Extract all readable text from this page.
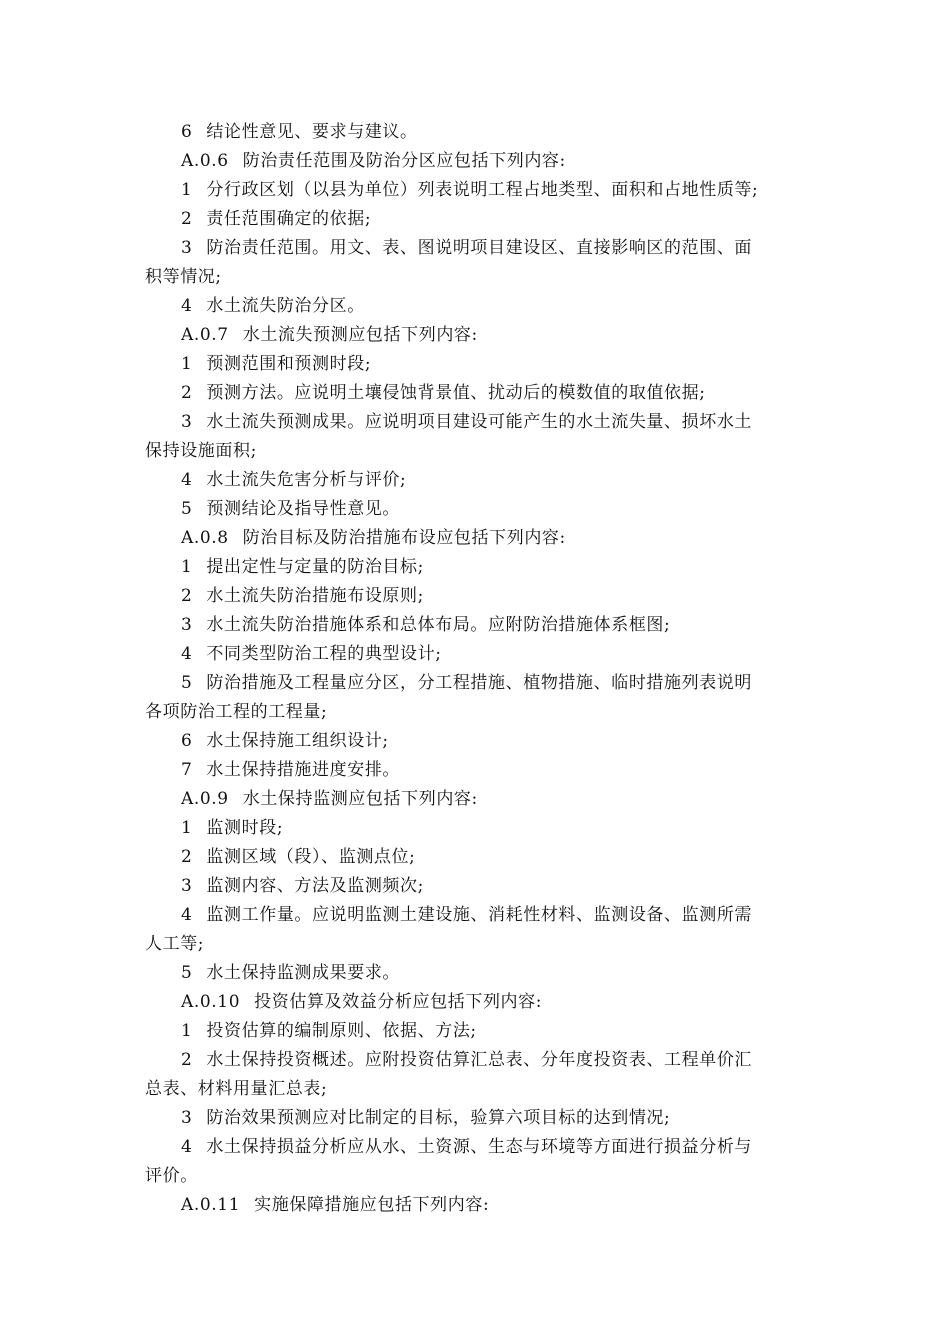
6 结论性意见、要求与建议。
A.0.6 防治责任范围及防治分区应包括下列内容:
1 分行政区划（以县为单位）列表说明工程占地类型、面积和占地性质等;
2 责任范围确定的依据;
3 防治责任范围。用文、表、图说明项目建设区、直接影响区的范围、面
积等情况;
4 水土流失防治分区。
A.0.7 水土流失预测应包括下列内容:
1 预测范围和预测时段;
2 预测方法。应说明土壤侵蚀背景值、扰动后的模数值的取值依据;
3 水土流失预测成果。应说明项目建设可能产生的水土流失量、损坏水土
保持设施面积;
4 水土流失危害分析与评价;
5 预测结论及指导性意见。
A.0.8 防治目标及防治措施布设应包括下列内容:
1 提出定性与定量的防治目标;
2 水土流失防治措施布设原则;
3 水土流失防治措施体系和总体布局。应附防治措施体系框图;
4 不同类型防治工程的典型设计;
5 防治措施及工程量应分区，分工程措施、植物措施、临时措施列表说明
各项防治工程的工程量;
6 水土保持施工组织设计;
7 水土保持措施进度安排。
A.0.9 水土保持监测应包括下列内容:
1 监测时段;
2 监测区域（段）、监测点位;
3 监测内容、方法及监测频次;
4 监测工作量。应说明监测土建设施、消耗性材料、监测设备、监测所需
人工等;
5 水土保持监测成果要求。
A.0.10 投资估算及效益分析应包括下列内容:
1 投资估算的编制原则、依据、方法;
2 水土保持投资概述。应附投资估算汇总表、分年度投资表、工程单价汇
总表、材料用量汇总表;
3 防治效果预测应对比制定的目标，验算六项目标的达到情况;
4 水土保持损益分析应从水、土资源、生态与环境等方面进行损益分析与
评价。
A.0.11 实施保障措施应包括下列内容:
